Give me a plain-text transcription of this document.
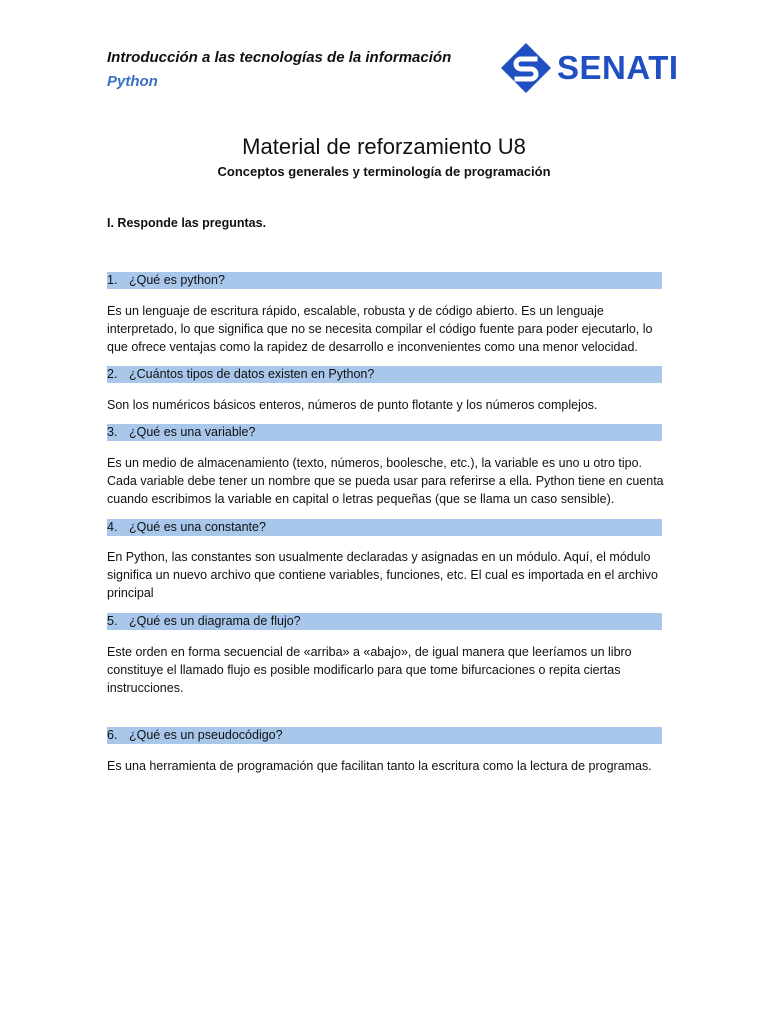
Introducción a las tecnologías de la información
Python	SENATI
Material de reforzamiento U8
Conceptos generales y terminología de programación
I. Responde las preguntas.
1. ¿Qué es python?
Es un lenguaje de escritura rápido, escalable, robusta y de código abierto. Es un lenguaje interpretado, lo que significa que no se necesita compilar el código fuente para poder ejecutarlo, lo que ofrece ventajas como la rapidez de desarrollo e inconvenientes como una menor velocidad.
2. ¿Cuántos tipos de datos existen en Python?
Son los numéricos básicos enteros, números de punto flotante y los números complejos.
3. ¿Qué es una variable?
Es un medio de almacenamiento (texto, números, boolesche, etc.), la variable es uno u otro tipo. Cada variable debe tener un nombre que se pueda usar para referirse a ella. Python tiene en cuenta cuando escribimos la variable en capital o letras pequeñas (que se llama un caso sensible).
4. ¿Qué es una constante?
En Python, las constantes son usualmente declaradas y asignadas en un módulo. Aquí, el módulo significa un nuevo archivo que contiene variables, funciones, etc. El cual es importada en el archivo principal
5. ¿Qué es un diagrama de flujo?
Este orden en forma secuencial de «arriba» a «abajo», de igual manera que leeríamos un libro constituye el llamado flujo es posible modificarlo para que tome bifurcaciones o repita ciertas instrucciones.
6. ¿Qué es un pseudocódigo?
Es una herramienta de programación que facilitan tanto la escritura como la lectura de programas.
